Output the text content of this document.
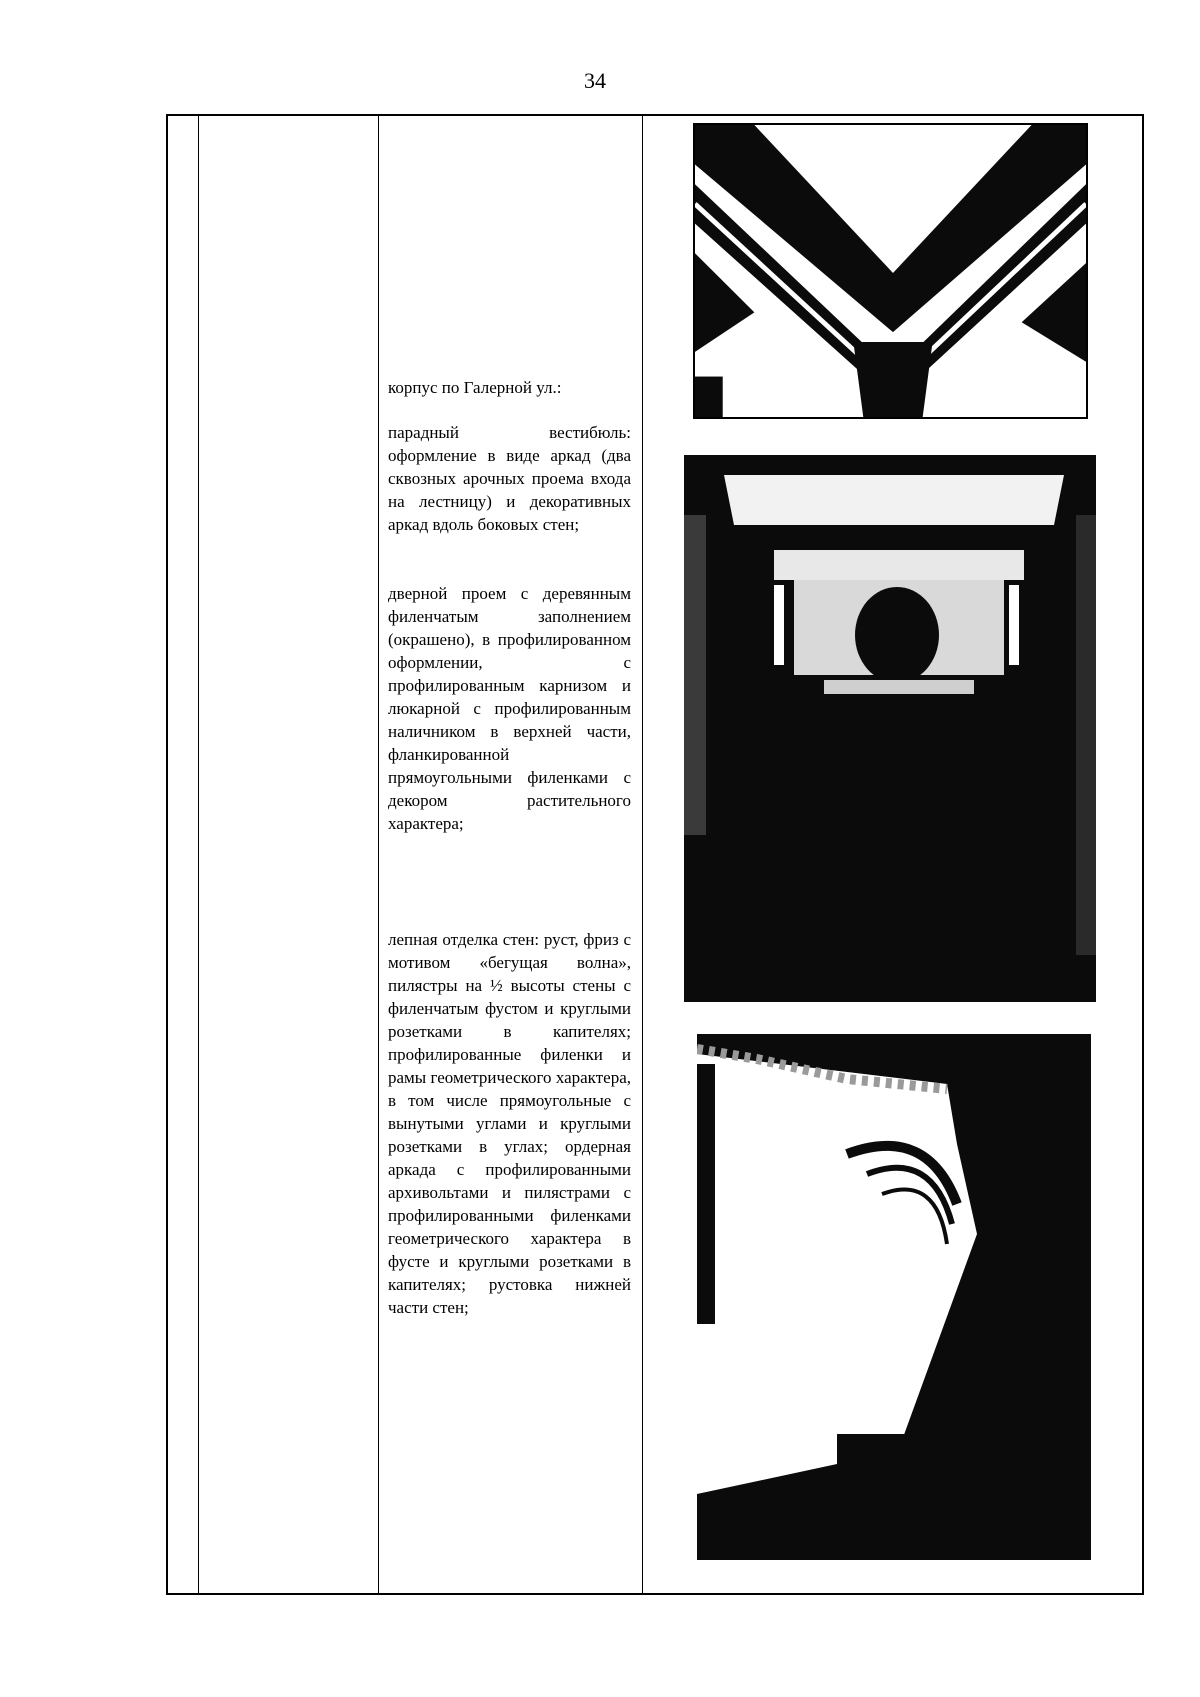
34

корпус по Галерной ул.:

парадный вестибюль: оформление в виде аркад (два сквозных арочных проема входа на лестницу) и декоративных аркад вдоль боковых стен;

дверной проем с деревянным филенчатым заполнением (окрашено), в профилированном оформлении, с профилированным карнизом и люкарной с профилированным наличником в верхней части, фланкированной прямоугольными филенками с декором растительного характера;

лепная отделка стен: руст, фриз с мотивом «бегущая волна», пилястры на ½ высоты стены с филенчатым фустом и круглыми розетками в капителях; профилированные филенки и рамы геометрического характера, в том числе прямоугольные с вынутыми углами и круглыми розетками в углах; ордерная аркада с профилированными архивольтами и пилястрами с профилированными филенками геометрического характера в фусте и круглыми розетками в капителях; рустовка нижней части стен;
